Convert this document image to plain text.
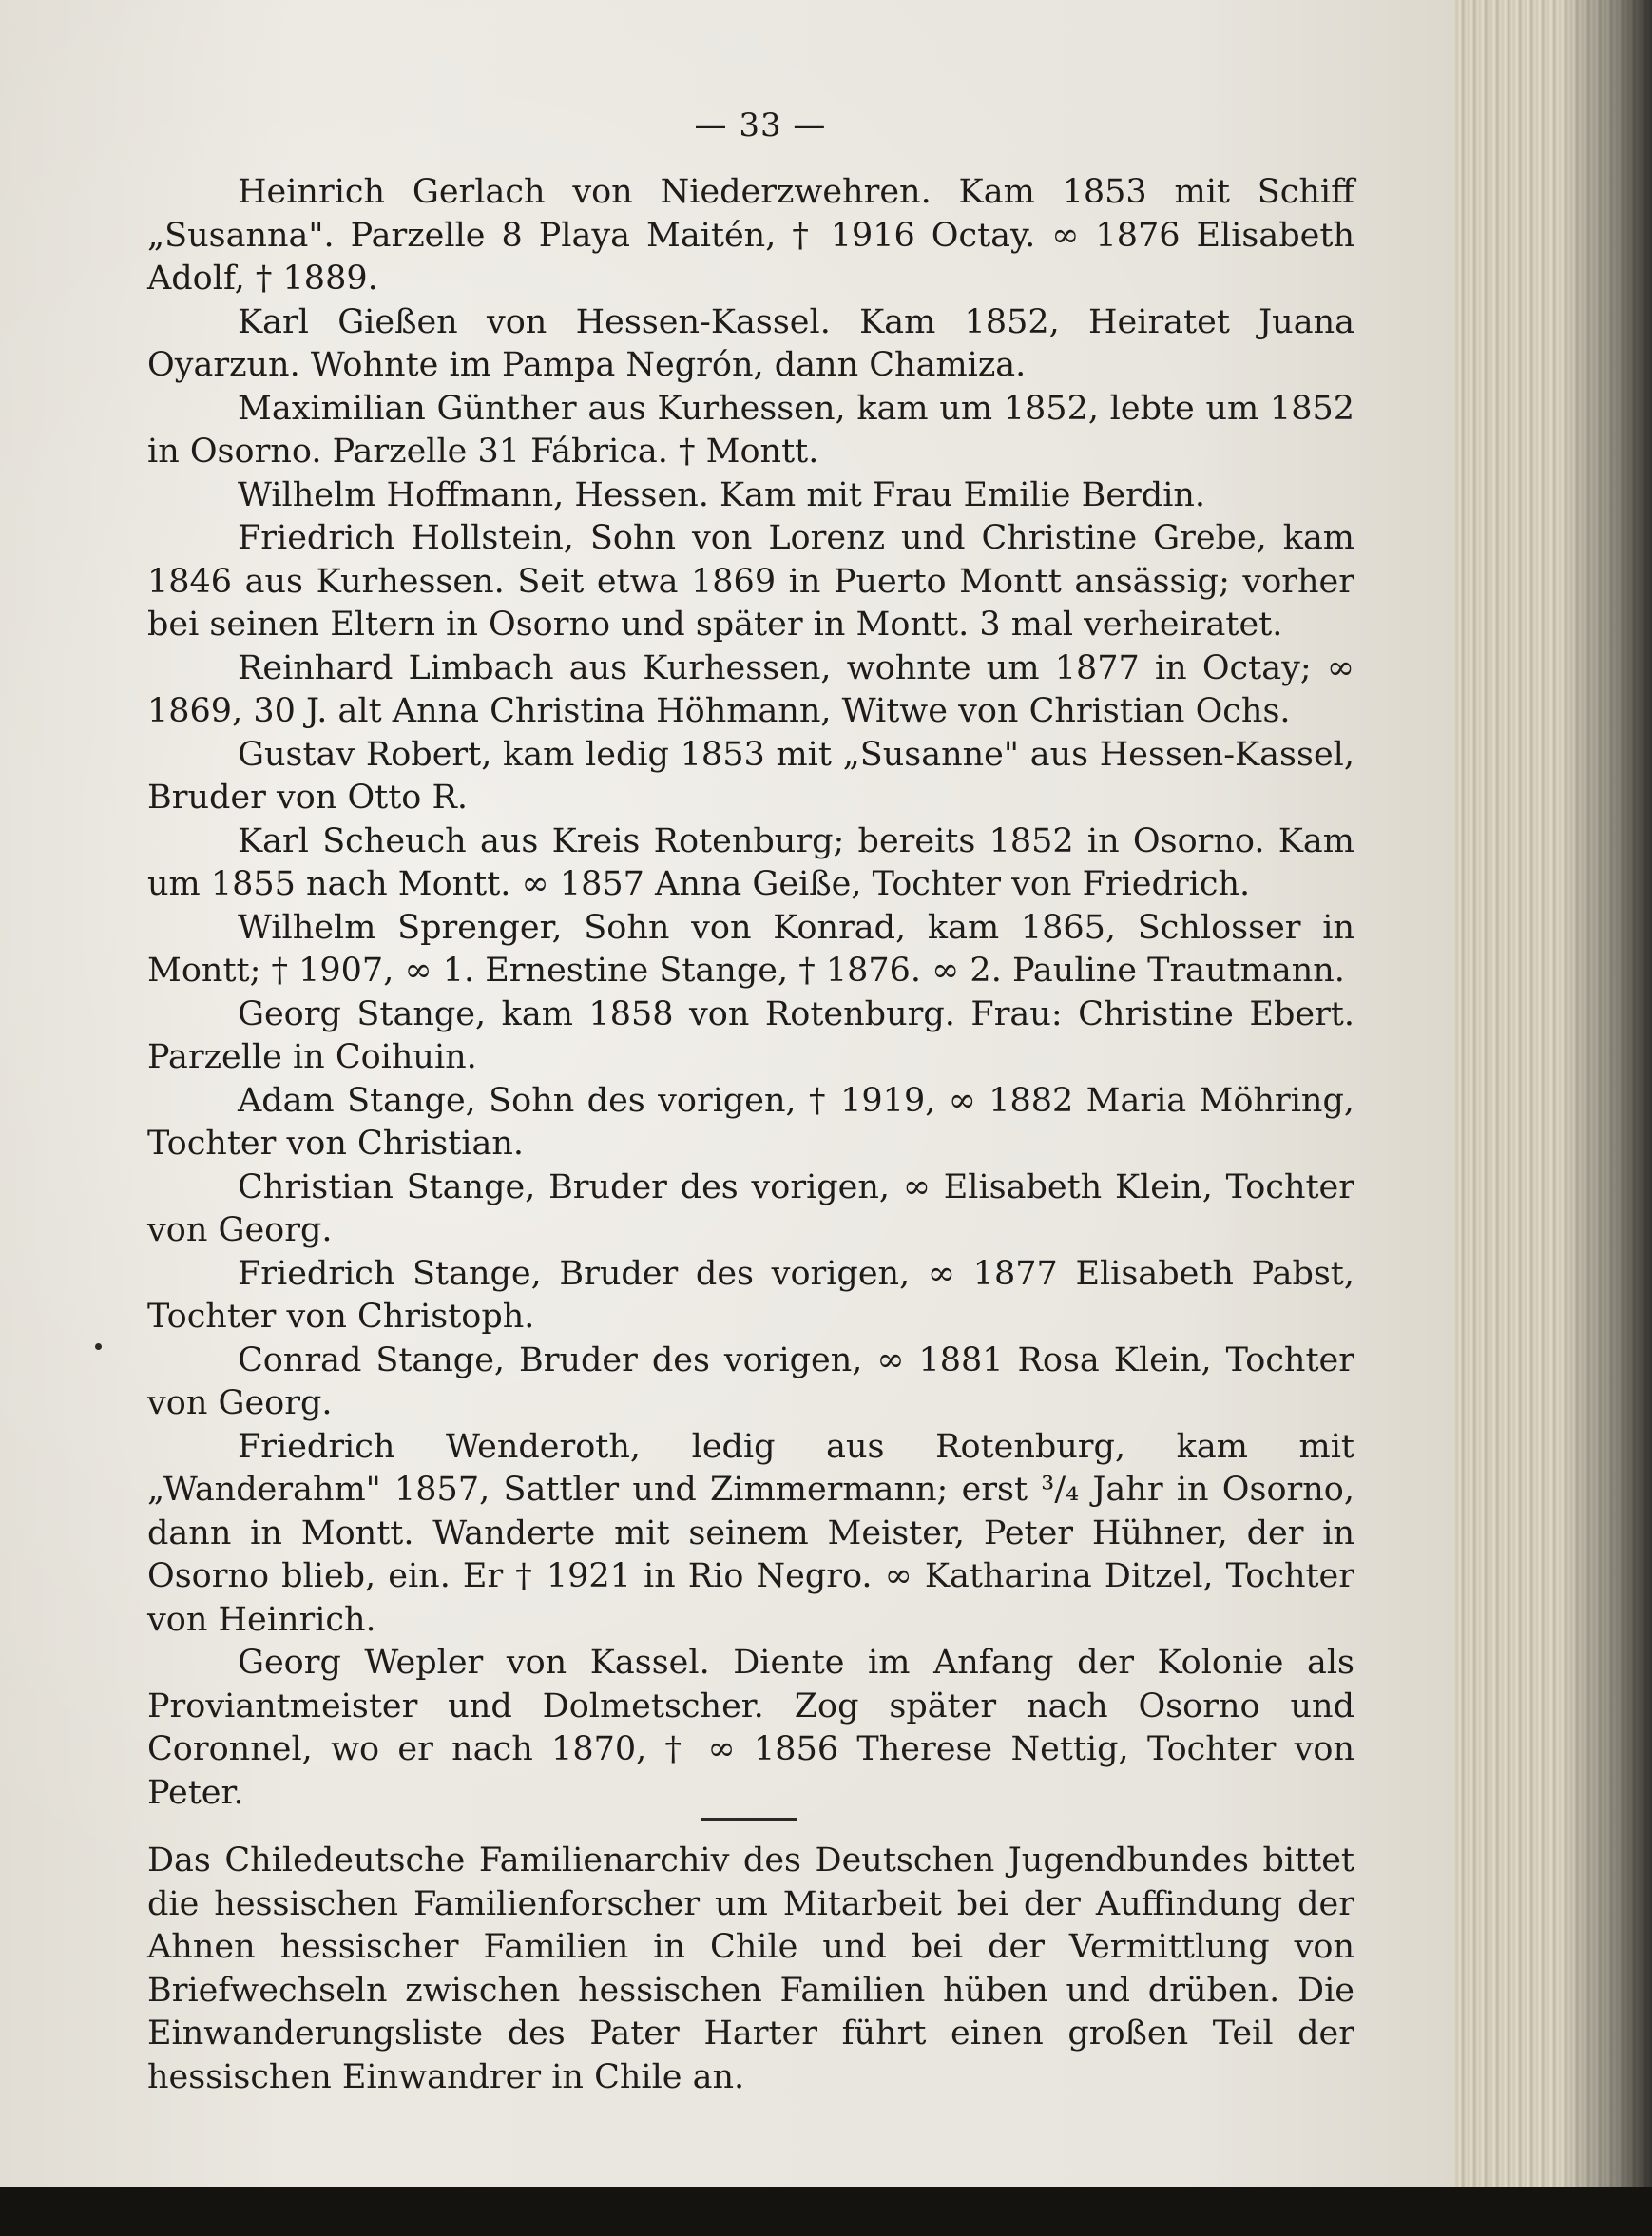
— 33 —

Heinrich Gerlach von Niederzwehren. Kam 1853 mit Schiff „Susanna". Parzelle 8 Playa Maitén, † 1916 Octay. ∞ 1876 Elisabeth Adolf, † 1889.

Karl Gießen von Hessen-Kassel. Kam 1852, Heiratet Juana Oyarzun. Wohnte im Pampa Negrón, dann Chamiza.

Maximilian Günther aus Kurhessen, kam um 1852, lebte um 1852 in Osorno. Parzelle 31 Fábrica. † Montt.

Wilhelm Hoffmann, Hessen. Kam mit Frau Emilie Berdin.

Friedrich Hollstein, Sohn von Lorenz und Christine Grebe, kam 1846 aus Kurhessen. Seit etwa 1869 in Puerto Montt ansässig; vorher bei seinen Eltern in Osorno und später in Montt. 3 mal verheiratet.

Reinhard Limbach aus Kurhessen, wohnte um 1877 in Octay; ∞ 1869, 30 J. alt Anna Christina Höhmann, Witwe von Christian Ochs.

Gustav Robert, kam ledig 1853 mit „Susanne" aus Hessen-Kassel, Bruder von Otto R.

Karl Scheuch aus Kreis Rotenburg; bereits 1852 in Osorno. Kam um 1855 nach Montt. ∞ 1857 Anna Geiße, Tochter von Friedrich.

Wilhelm Sprenger, Sohn von Konrad, kam 1865, Schlosser in Montt; † 1907, ∞ 1. Ernestine Stange, † 1876. ∞ 2. Pauline Trautmann.

Georg Stange, kam 1858 von Rotenburg. Frau: Christine Ebert. Parzelle in Coihuin.

Adam Stange, Sohn des vorigen, † 1919, ∞ 1882 Maria Möhring, Tochter von Christian.

Christian Stange, Bruder des vorigen, ∞ Elisabeth Klein, Tochter von Georg.

Friedrich Stange, Bruder des vorigen, ∞ 1877 Elisabeth Pabst, Tochter von Christoph.

Conrad Stange, Bruder des vorigen, ∞ 1881 Rosa Klein, Tochter von Georg.

Friedrich Wenderoth, ledig aus Rotenburg, kam mit „Wanderahm" 1857, Sattler und Zimmermann; erst ³/₄ Jahr in Osorno, dann in Montt. Wanderte mit seinem Meister, Peter Hühner, der in Osorno blieb, ein. Er † 1921 in Rio Negro. ∞ Katharina Ditzel, Tochter von Heinrich.

Georg Wepler von Kassel. Diente im Anfang der Kolonie als Proviantmeister und Dolmetscher. Zog später nach Osorno und Coronnel, wo er nach 1870, † ∞ 1856 Therese Nettig, Tochter von Peter.

Das Chiledeutsche Familienarchiv des Deutschen Jugendbundes bittet die hessischen Familienforscher um Mitarbeit bei der Auffindung der Ahnen hessischer Familien in Chile und bei der Vermittlung von Briefwechseln zwischen hessischen Familien hüben und drüben. Die Einwanderungsliste des Pater Harter führt einen großen Teil der hessischen Einwandrer in Chile an.
